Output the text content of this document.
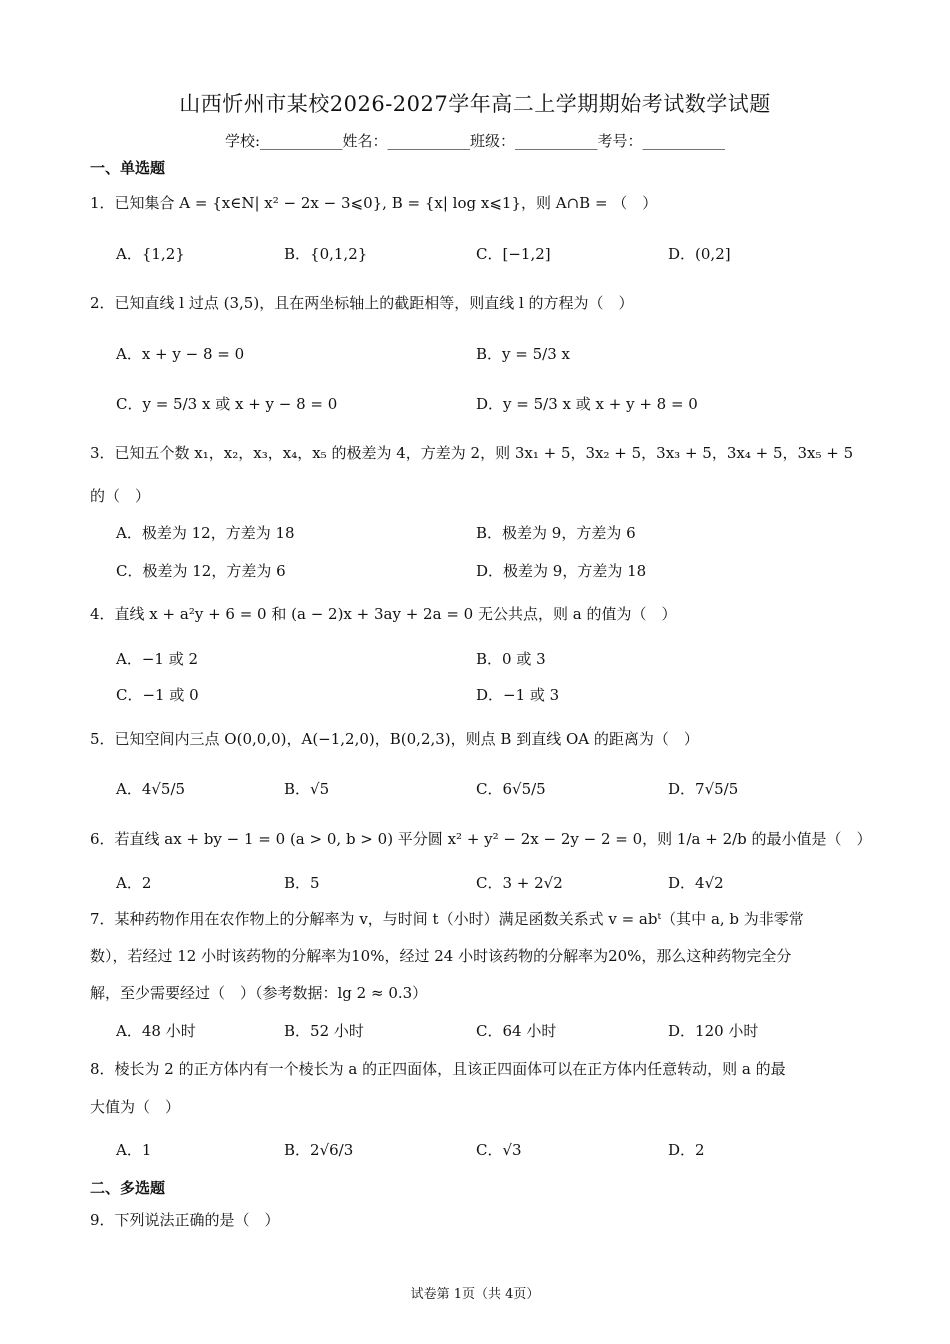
山西忻州市某校2026-2027学年高二上学期期始考试数学试题
学校:___________姓名：___________班级：___________考号：___________
一、单选题
1．已知集合 A = {x∈N| x² − 2x − 3⩽0}, B = {x| log x⩽1}，则 A∩B = （　）
A．{1,2}	B．{0,1,2}	C．[−1,2]	D．(0,2]
2．已知直线 l 过点 (3,5)，且在两坐标轴上的截距相等，则直线 l 的方程为（　）
A．x + y − 8 = 0	B．y = 5/3 x
C．y = 5/3 x 或 x + y − 8 = 0	D．y = 5/3 x 或 x + y + 8 = 0
3．已知五个数 x₁，x₂，x₃，x₄，x₅ 的极差为 4，方差为 2，则 3x₁ + 5，3x₂ + 5，3x₃ + 5，3x₄ + 5，3x₅ + 5
的（　）
A．极差为 12，方差为 18	B．极差为 9，方差为 6
C．极差为 12，方差为 6	D．极差为 9，方差为 18
4．直线 x + a²y + 6 = 0 和 (a − 2)x + 3ay + 2a = 0 无公共点，则 a 的值为（　）
A．−1 或 2	B．0 或 3
C．−1 或 0	D．−1 或 3
5．已知空间内三点 O(0,0,0)，A(−1,2,0)，B(0,2,3)，则点 B 到直线 OA 的距离为（　）
A．4√5/5	B．√5	C．6√5/5	D．7√5/5
6．若直线 ax + by − 1 = 0 (a > 0, b > 0) 平分圆 x² + y² − 2x − 2y − 2 = 0，则 1/a + 2/b 的最小值是（　）
A．2	B．5	C．3 + 2√2	D．4√2
7．某种药物作用在农作物上的分解率为 v，与时间 t（小时）满足函数关系式 v = abᵗ（其中 a, b 为非零常
数），若经过 12 小时该药物的分解率为10%，经过 24 小时该药物的分解率为20%，那么这种药物完全分
解，至少需要经过（　）（参考数据：lg 2 ≈ 0.3）
A．48 小时	B．52 小时	C．64 小时	D．120 小时
8．棱长为 2 的正方体内有一个棱长为 a 的正四面体，且该正四面体可以在正方体内任意转动，则 a 的最
大值为（　）
A．1	B．2√6/3	C．√3	D．2
二、多选题
9．下列说法正确的是（　）
试卷第 1页（共 4页）
